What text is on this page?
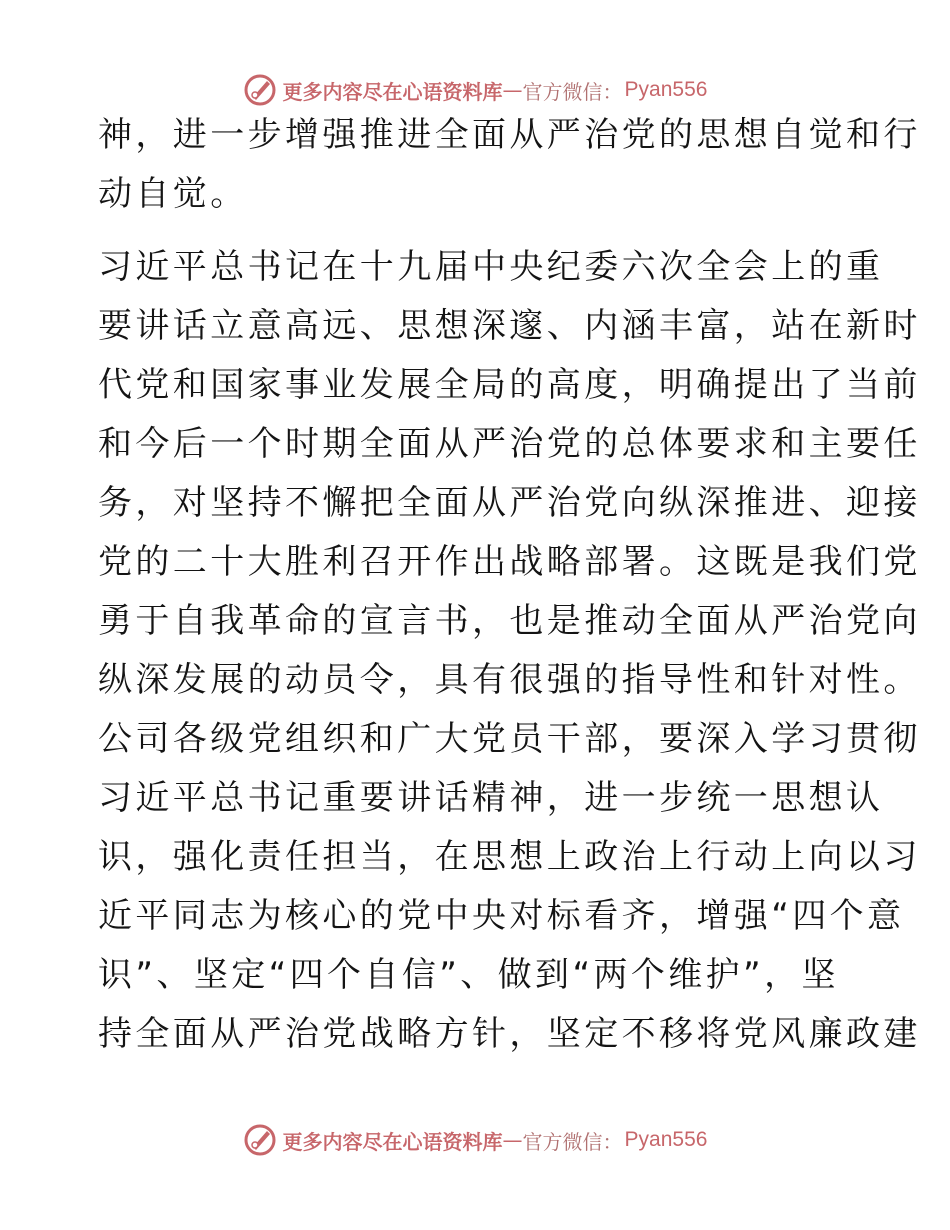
更多内容尽在心语资料库 — 官方微信： Pyan556

神，进一步增强推进全面从严治党的思想自觉和行

动自觉。

习近平总书记在十九届中央纪委六次全会上的重

要讲话立意高远、思想深邃、内涵丰富，站在新时

代党和国家事业发展全局的高度，明确提出了当前

和今后一个时期全面从严治党的总体要求和主要任

务，对坚持不懈把全面从严治党向纵深推进、迎接

党的二十大胜利召开作出战略部署。这既是我们党

勇于自我革命的宣言书，也是推动全面从严治党向

纵深发展的动员令，具有很强的指导性和针对性。

公司各级党组织和广大党员干部，要深入学习贯彻

习近平总书记重要讲话精神，进一步统一思想认

识，强化责任担当，在思想上政治上行动上向以习

近平同志为核心的党中央对标看齐，增强“四个意

识”、坚定“四个自信”、做到“两个维护”，坚

持全面从严治党战略方针，坚定不移将党风廉政建

更多内容尽在心语资料库 — 官方微信： Pyan556
